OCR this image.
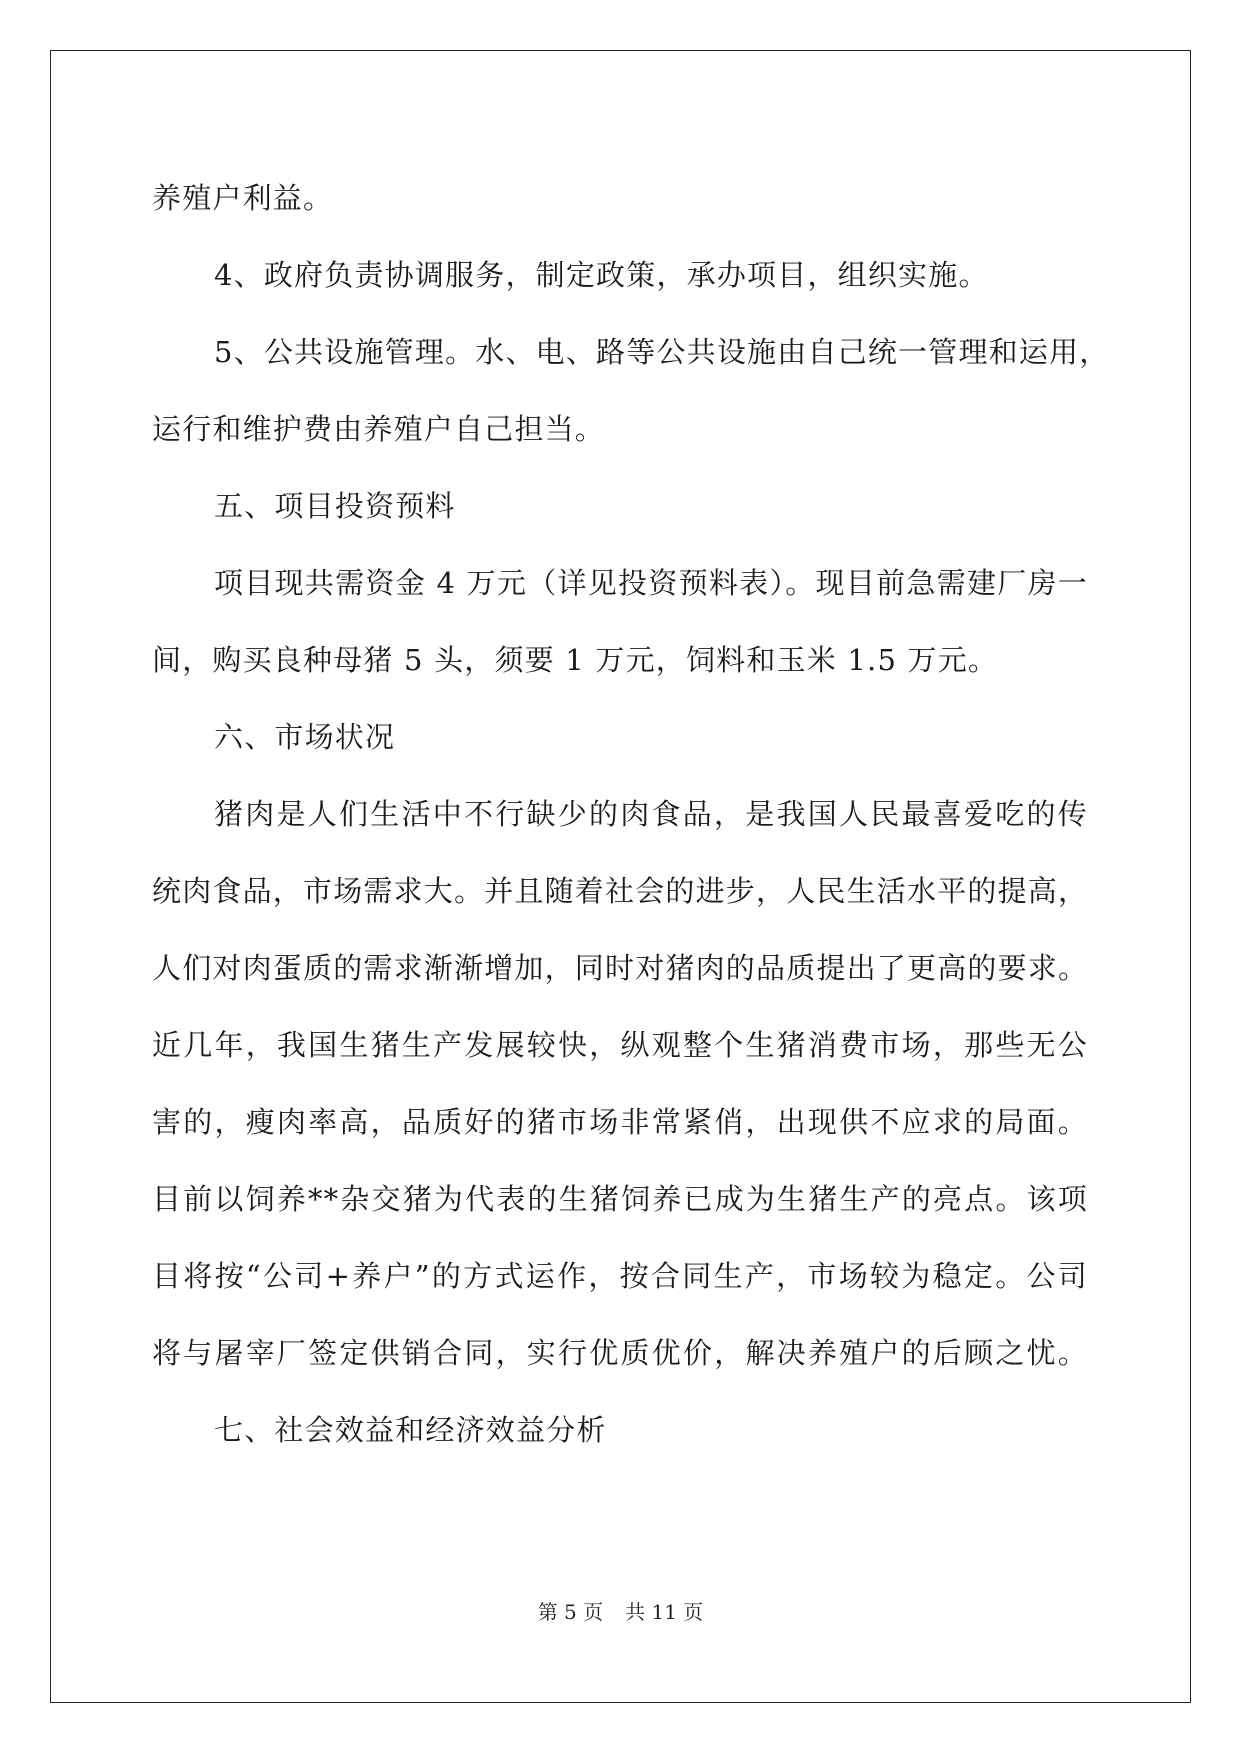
养殖户利益。
4、政府负责协调服务，制定政策，承办项目，组织实施。
5、公共设施管理。水、电、路等公共设施由自己统一管理和运用，
运行和维护费由养殖户自己担当。
五、项目投资预料
项目现共需资金 4 万元（详见投资预料表）。现目前急需建厂房一
间，购买良种母猪 5 头，须要 1 万元，饲料和玉米 1.5 万元。
六、市场状况
猪肉是人们生活中不行缺少的肉食品，是我国人民最喜爱吃的传
统肉食品，市场需求大。并且随着社会的进步，人民生活水平的提高，
人们对肉蛋质的需求渐渐增加，同时对猪肉的品质提出了更高的要求。
近几年，我国生猪生产发展较快，纵观整个生猪消费市场，那些无公
害的，瘦肉率高，品质好的猪市场非常紧俏，出现供不应求的局面。
目前以饲养**杂交猪为代表的生猪饲养已成为生猪生产的亮点。该项
目将按“公司+养户”的方式运作，按合同生产，市场较为稳定。公司
将与屠宰厂签定供销合同，实行优质优价，解决养殖户的后顾之忧。
七、社会效益和经济效益分析
第 5 页 共 11 页
